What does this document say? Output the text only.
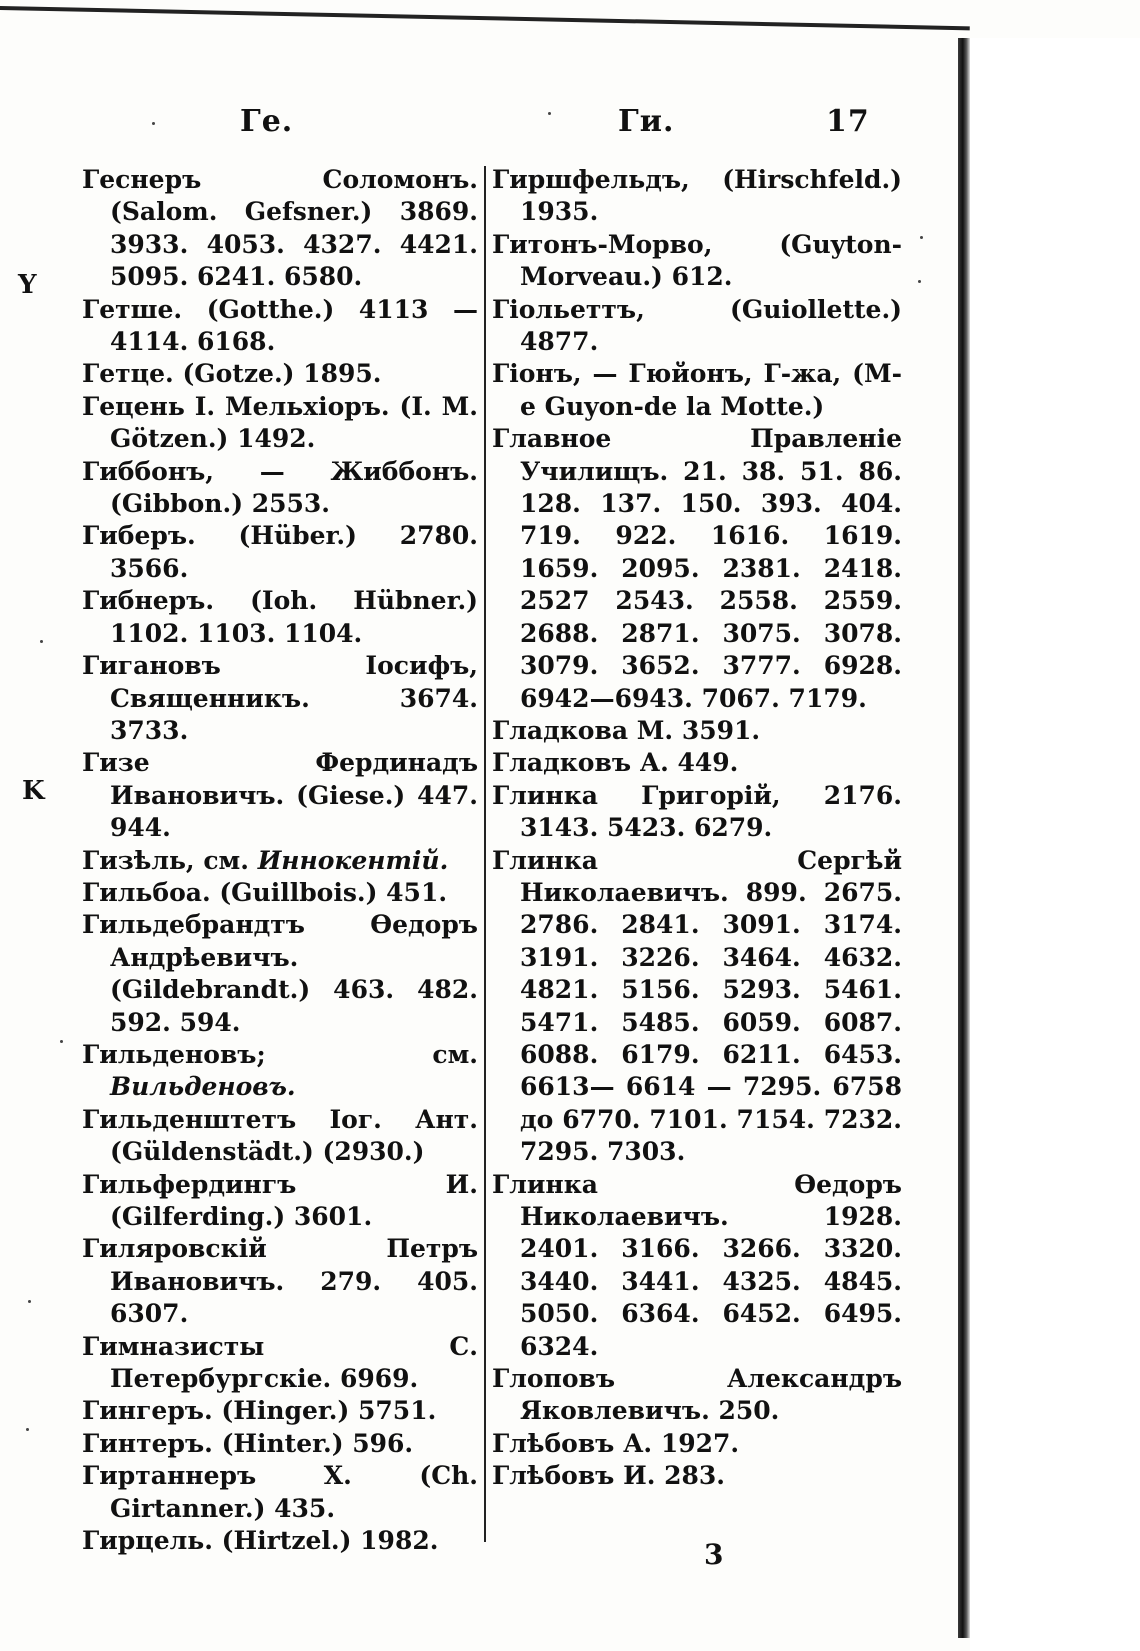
Ге.	Ги.	17
Y
K

Геснеръ Соломонъ. (Salom. Gefsner.) 3869. 3933. 4053. 4327. 4421. 5095. 6241. 6580.

Гетше. (Gotthe.) 4113 — 4114. 6168.

Гетце. (Gotze.) 1895.

Гецень I. Мельхiоръ. (I. M. Götzen.) 1492.

Гиббонъ, — Жиббонъ. (Gibbon.) 2553.

Гиберъ. (Hüber.) 2780. 3566.

Гибнеръ. (Ioh. Hübner.) 1102. 1103. 1104.

Гигановъ Iосифъ, Священникъ. 3674. 3733.

Гизе Фердинадъ Ивановичъ. (Giese.) 447. 944.

Гизѣль, см. Иннокентiй.

Гильбоа. (Guillbois.) 451.

Гильдебрандтъ Өедоръ Андрѣевичъ. (Gildebrandt.) 463. 482. 592. 594.

Гильденовъ; см. Вильденовъ.

Гильденштетъ Iог. Ант. (Güldenstädt.) (2930.)

Гильфердингъ И. (Gilferding.) 3601.

Гиляровскiй Петръ Ивановичъ. 279. 405. 6307.

Гимназисты С. Петербургскiе. 6969.

Гингеръ. (Hinger.) 5751.

Гинтеръ. (Hinter.) 596.

Гиртаннеръ X. (Ch. Girtanner.) 435.

Гирцель. (Hirtzel.) 1982.

Гиршфельдъ, (Hirschfeld.) 1935.

Гитонъ-Морво, (Guyton-Morveau.) 612.

Гiольеттъ, (Guiollette.) 4877.

Гiонъ, — Гюйонъ, Г-жа, (M-e Guyon-de la Motte.)

Главное Правленiе Училищъ. 21. 38. 51. 86. 128. 137. 150. 393. 404. 719. 922. 1616. 1619. 1659. 2095. 2381. 2418. 2527 2543. 2558. 2559. 2688. 2871. 3075. 3078. 3079. 3652. 3777. 6928. 6942—6943. 7067. 7179.

Гладкова М. 3591.

Гладковъ А. 449.

Глинка Григорiй, 2176. 3143. 5423. 6279.

Глинка Сергѣй Николаевичъ. 899. 2675. 2786. 2841. 3091. 3174. 3191. 3226. 3464. 4632. 4821. 5156. 5293. 5461. 5471. 5485. 6059. 6087. 6088. 6179. 6211. 6453. 6613— 6614 — 7295. 6758 до 6770. 7101. 7154. 7232. 7295. 7303.

Глинка Өедоръ Николаевичъ. 1928. 2401. 3166. 3266. 3320. 3440. 3441. 4325. 4845. 5050. 6364. 6452. 6495. 6324.

Глоповъ Александръ Яковлевичъ. 250.

Глѣбовъ А. 1927.

Глѣбовъ И. 283.

3
